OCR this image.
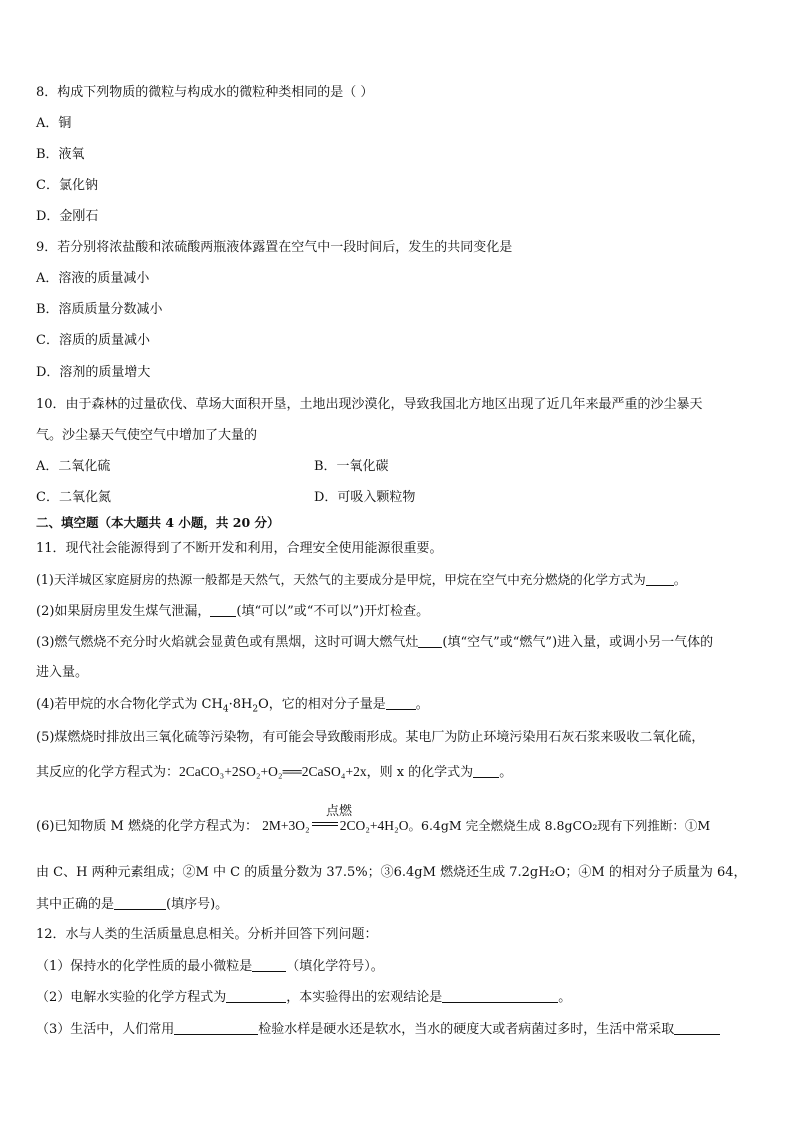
8．构成下列物质的微粒与构成水的微粒种类相同的是（ ）
A．铜
B．液氧
C．氯化钠
D．金刚石
9．若分别将浓盐酸和浓硫酸两瓶液体露置在空气中一段时间后，发生的共同变化是
A．溶液的质量减小
B．溶质质量分数减小
C．溶质的质量减小
D．溶剂的质量增大
10．由于森林的过量砍伐、草场大面积开垦，土地出现沙漠化，导致我国北方地区出现了近几年来最严重的沙尘暴天
气。沙尘暴天气使空气中增加了大量的
A．二氧化硫	B．一氧化碳
C．二氧化氮	D．可吸入颗粒物
二、填空题（本大题共 4 小题，共 20 分）
11．现代社会能源得到了不断开发和利用，合理安全使用能源很重要。
(1)天洋城区家庭厨房的热源一般都是天然气，天然气的主要成分是甲烷，甲烷在空气中充分燃烧的化学方式为 。
(2)如果厨房里发生煤气泄漏， (填“可以”或“不可以”)开灯检查。
(3)燃气燃烧不充分时火焰就会显黄色或有黑烟，这时可调大燃气灶 (填“空气”或“燃气”)进入量，或调小另一气体的
进入量。
(4)若甲烷的水合物化学式为 $CH_4\cdot 8H_2O$，它的相对分子量是 。
(5)煤燃烧时排放出三氧化硫等污染物，有可能会导致酸雨形成。某电厂为防止环境污染用石灰石浆来吸收二氧化硫，
其反应的化学方程式为：2CaCO₃+2SO₂+O₂══2CaSO₄+2x，则 x 的化学式为 。
点燃
(6)已知物质 M 燃烧的化学方程式为： 2M+3O₂ 2CO₂+4H₂O。6.4gM 完全燃烧生成 8.8gCO₂现有下列推断：①M
由 C、H 两种元素组成；②M 中 C 的质量分数为 37.5%；③6.4gM 燃烧还生成 7.2gH₂O；④M 的相对分子质量为 64，
其中正确的是	(填序号)。
12．水与人类的生活质量息息相关。分析并回答下列问题：
（1）保持水的化学性质的最小微粒是	（填化学符号）。
（2）电解水实验的化学方程式为	，本实验得出的宏观结论是	。
（3）生活中，人们常用	检验水样是硬水还是软水，当水的硬度大或者病菌过多时，生活中常采取
